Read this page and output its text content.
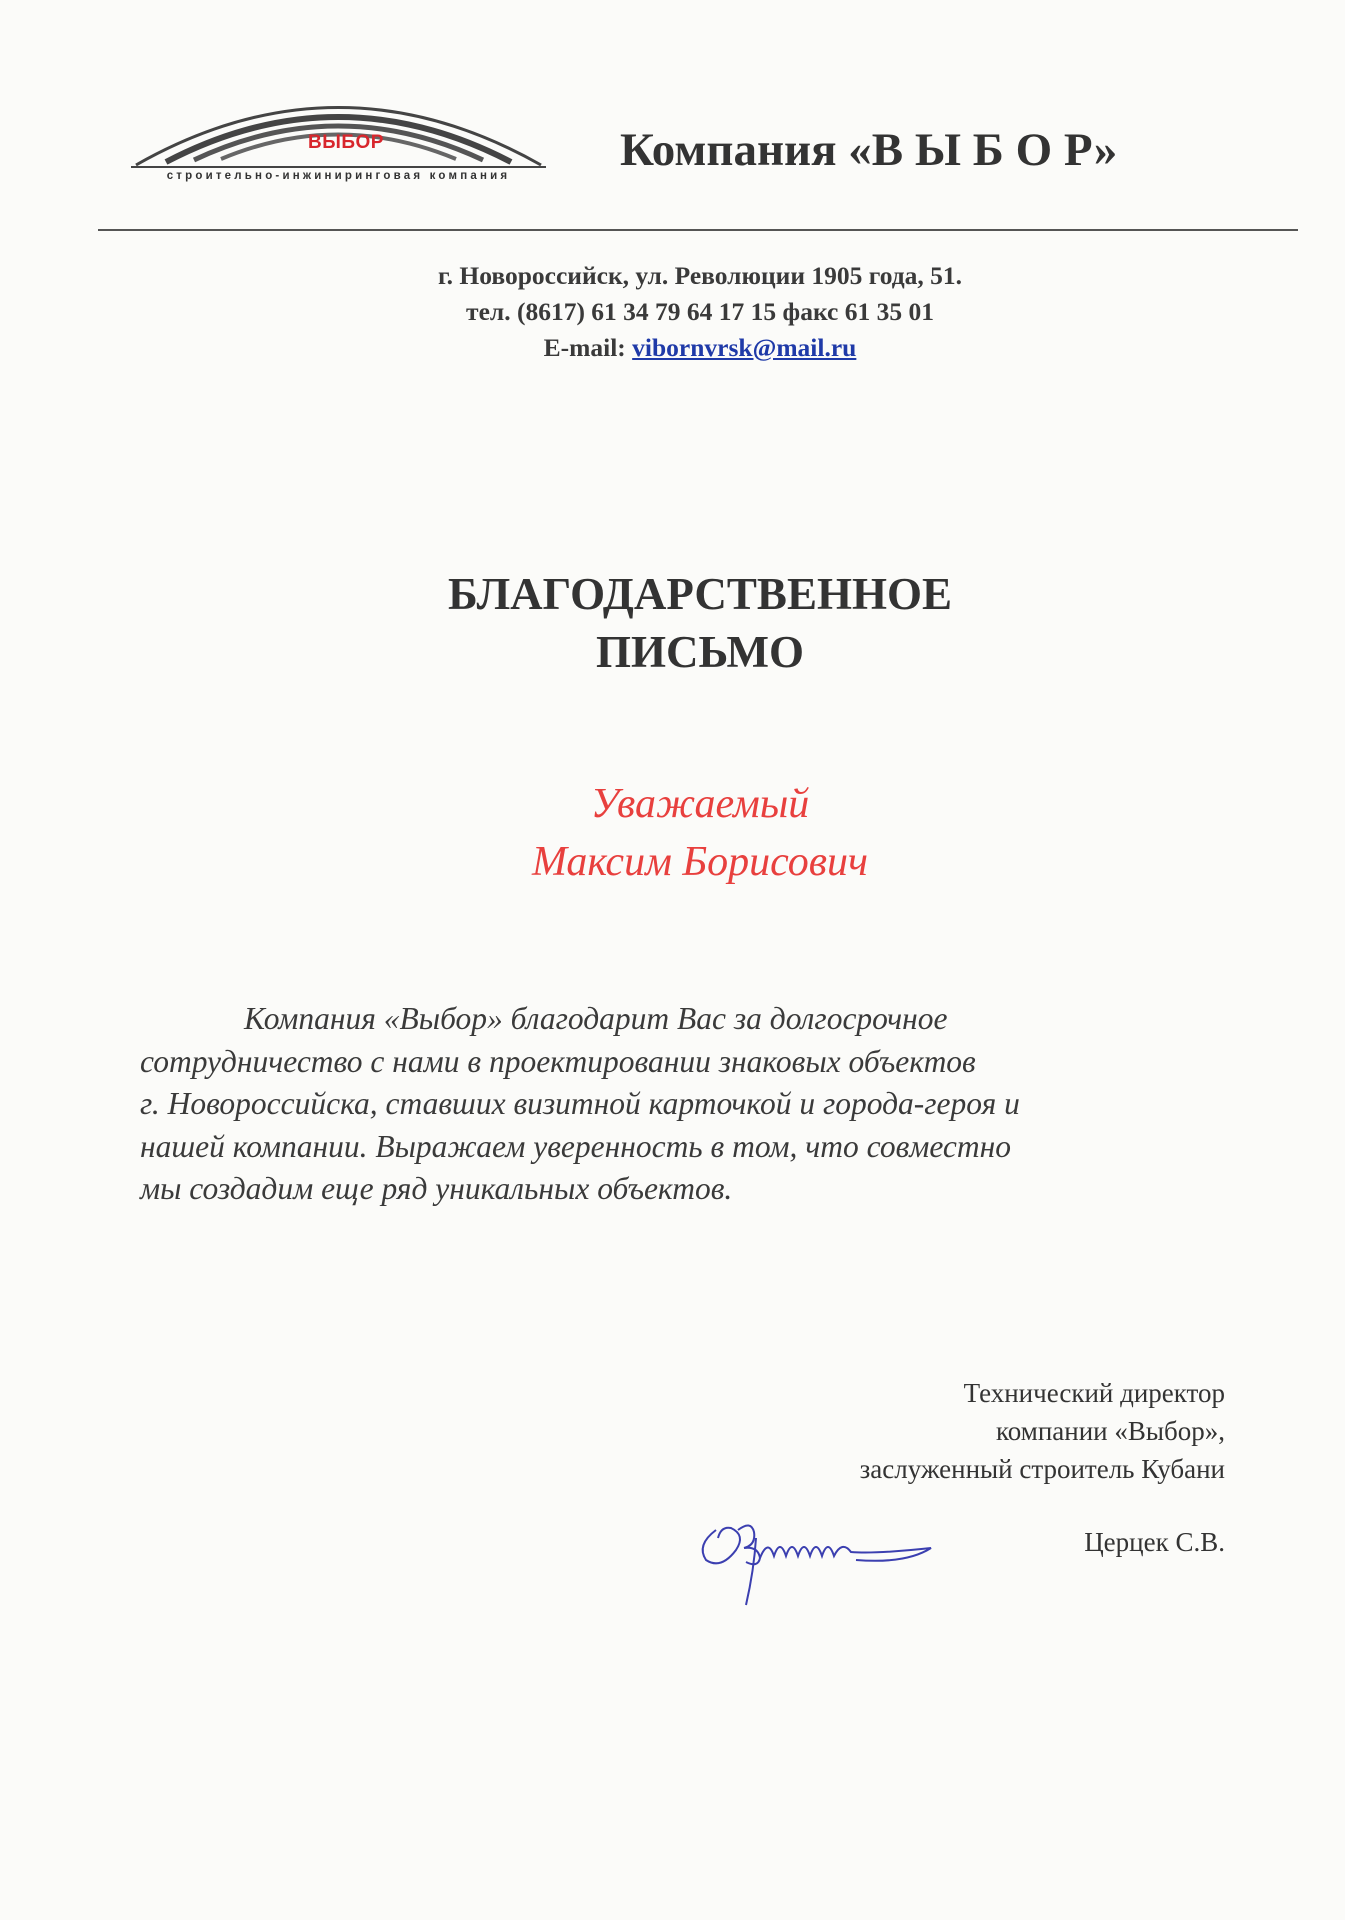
ВЫБОР
строительно-инжиниринговая компания	Компания «В Ы Б О Р»
г. Новороссийск, ул. Революции 1905 года, 51.
тел. (8617) 61 34 79 64 17 15 факс 61 35 01
E-mail: vibornvrsk@mail.ru
БЛАГОДАРСТВЕННОЕ
ПИСЬМО
Уважаемый
Максим Борисович
Компания «Выбор» благодарит Вас за долгосрочное
сотрудничество с нами в проектировании знаковых объектов
г. Новороссийска, ставших визитной карточкой и города-героя и
нашей компании. Выражаем уверенность в том, что совместно
мы создадим еще ряд уникальных объектов.
Технический директор
компании «Выбор»,
заслуженный строитель Кубани
Церцек С.В.
